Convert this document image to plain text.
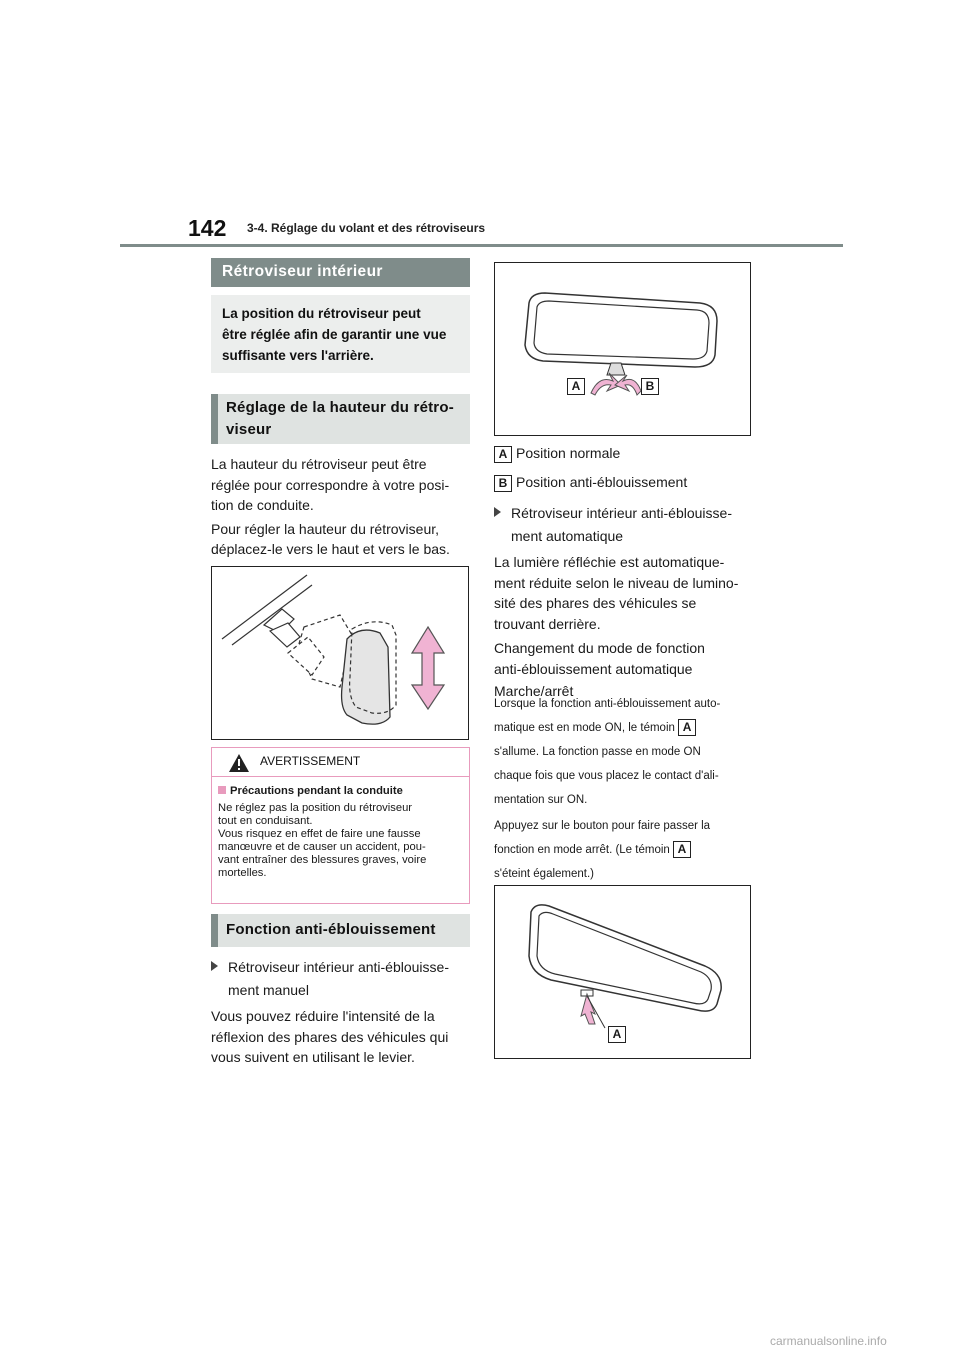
142 3-4. Réglage du volant et des rétroviseurs
Rétroviseur intérieur
La position du rétroviseur peut
être réglée afin de garantir une vue
suffisante vers l'arrière.
Réglage de la hauteur du rétro-
viseur
La hauteur du rétroviseur peut être
réglée pour correspondre à votre posi-
tion de conduite.
Pour régler la hauteur du rétroviseur,
déplacez-le vers le haut et vers le bas.
AVERTISSEMENT
Précautions pendant la conduite
Ne réglez pas la position du rétroviseur
tout en conduisant.
Vous risquez en effet de faire une fausse
manœuvre et de causer un accident, pou-
vant entraîner des blessures graves, voire
mortelles.
Fonction anti-éblouissement
Rétroviseur intérieur anti-éblouisse-
ment manuel
Vous pouvez réduire l'intensité de la
réflexion des phares des véhicules qui
vous suivent en utilisant le levier.
A	B
A Position normale
B Position anti-éblouissement
Rétroviseur intérieur anti-éblouisse-
ment automatique
La lumière réfléchie est automatique-
ment réduite selon le niveau de lumino-
sité des phares des véhicules se
trouvant derrière.
Changement du mode de fonction
anti-éblouissement automatique
Marche/arrêt
Lorsque la fonction anti-éblouissement auto-
matique est en mode ON, le témoin A
s'allume. La fonction passe en mode ON
chaque fois que vous placez le contact d'ali-
mentation sur ON.
Appuyez sur le bouton pour faire passer la
fonction en mode arrêt. (Le témoin A
s'éteint également.)
A
carmanualsonline.info
